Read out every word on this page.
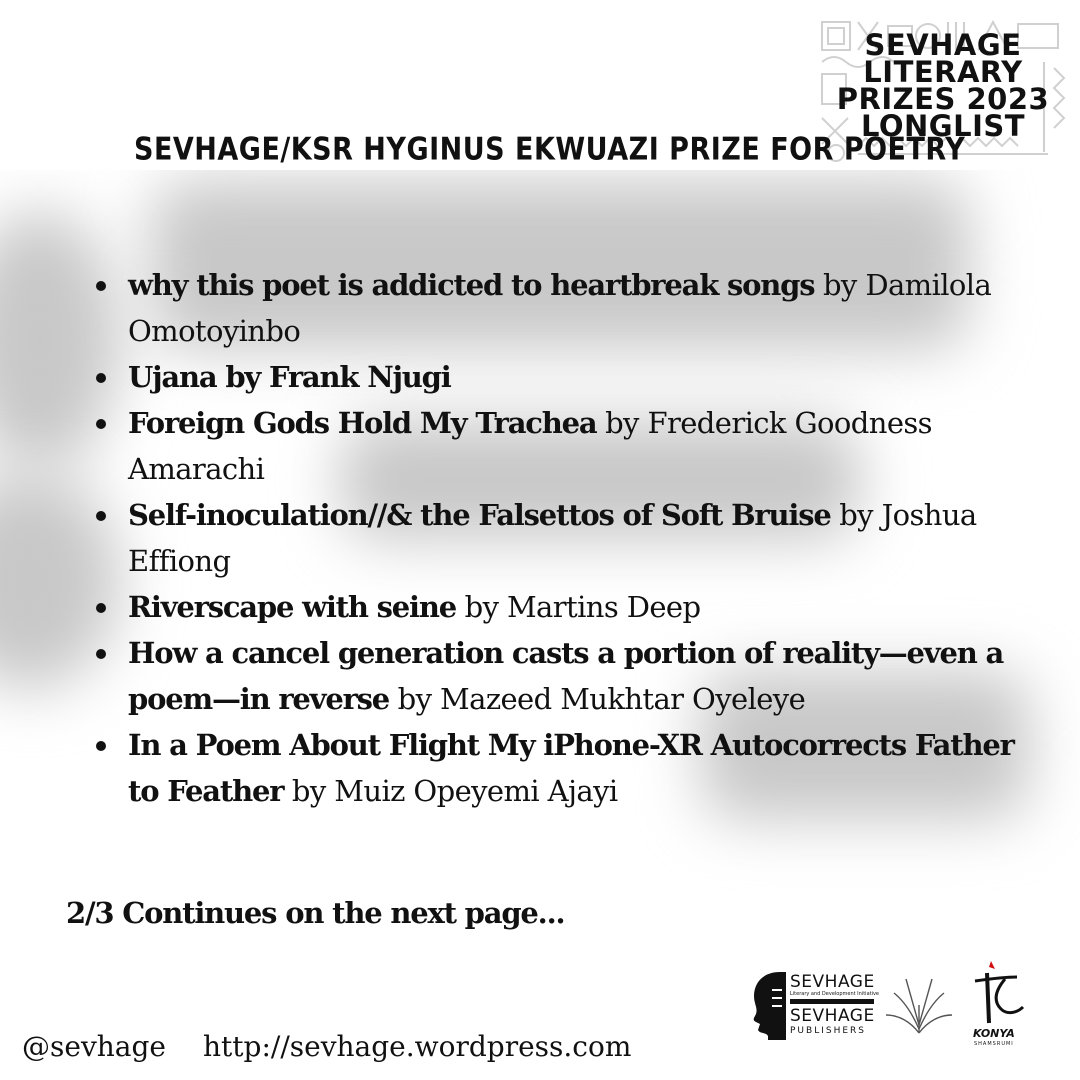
SEVHAGE
LITERARY
PRIZES 2023
LONGLIST
SEVHAGE/KSR HYGINUS EKWUAZI PRIZE FOR POETRY
why this poet is addicted to heartbreak songs by Damilola Omotoyinbo
Ujana by Frank Njugi
Foreign Gods Hold My Trachea by Frederick Goodness Amarachi
Self-inoculation//& the Falsettos of Soft Bruise by Joshua Effiong
Riverscape with seine by Martins Deep
How a cancel generation casts a portion of reality—even a poem—in reverse by Mazeed Mukhtar Oyeleye
In a Poem About Flight My iPhone-XR Autocorrects Father to Feather by Muiz Opeyemi Ajayi
2/3 Continues on the next page...
@sevhage http://sevhage.wordpress.com
SEVHAGE
Literary and Development Initiative
SEVHAGE
PUBLISHERS	KONYA
SHAMSRUMI
